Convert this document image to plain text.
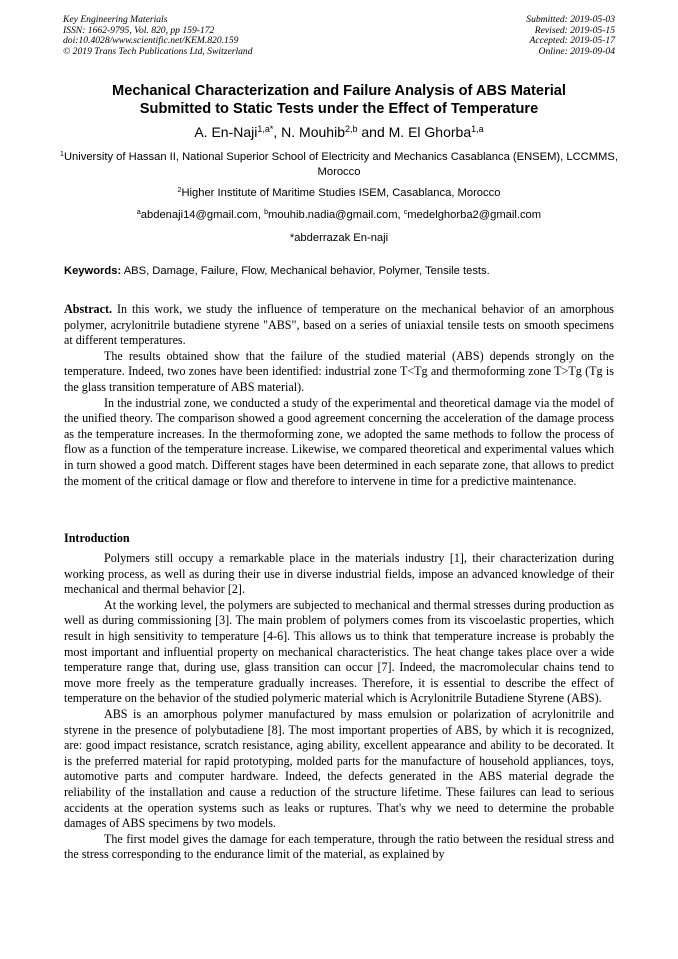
Key Engineering Materials
ISSN: 1662-9795, Vol. 820, pp 159-172
doi:10.4028/www.scientific.net/KEM.820.159
© 2019 Trans Tech Publications Ltd, Switzerland
Submitted: 2019-05-03
Revised: 2019-05-15
Accepted: 2019-05-17
Online: 2019-09-04
Mechanical Characterization and Failure Analysis of ABS Material
Submitted to Static Tests under the Effect of Temperature
A. En-Naji$^{1,a*}$, N. Mouhib$^{2,b}$ and M. El Ghorba$^{1,a}$
$^1$University of Hassan II, National Superior School of Electricity and Mechanics Casablanca (ENSEM), LCCMMS, Morocco
$^2$Higher Institute of Maritime Studies ISEM, Casablanca, Morocco
$^a$abdenaji14@gmail.com, $^b$mouhib.nadia@gmail.com, $^c$medelghorba2@gmail.com
*abderrazak En-naji
Keywords: ABS, Damage, Failure, Flow, Mechanical behavior, Polymer, Tensile tests.

Abstract. In this work, we study the influence of temperature on the mechanical behavior of an amorphous polymer, acrylonitrile butadiene styrene "ABS", based on a series of uniaxial tensile tests on smooth specimens at different temperatures.

The results obtained show that the failure of the studied material (ABS) depends strongly on the temperature. Indeed, two zones have been identified: industrial zone T<Tg and thermoforming zone T>Tg (Tg is the glass transition temperature of ABS material).

In the industrial zone, we conducted a study of the experimental and theoretical damage via the model of the unified theory. The comparison showed a good agreement concerning the acceleration of the damage process as the temperature increases. In the thermoforming zone, we adopted the same methods to follow the process of flow as a function of the temperature increase. Likewise, we compared theoretical and experimental values which in turn showed a good match. Different stages have been determined in each separate zone, that allows to predict the moment of the critical damage or flow and therefore to intervene in time for a predictive maintenance.

Introduction

Polymers still occupy a remarkable place in the materials industry [1], their characterization during working process, as well as during their use in diverse industrial fields, impose an advanced knowledge of their mechanical and thermal behavior [2].

At the working level, the polymers are subjected to mechanical and thermal stresses during production as well as during commissioning [3]. The main problem of polymers comes from its viscoelastic properties, which result in high sensitivity to temperature [4-6]. This allows us to think that temperature increase is probably the most important and influential property on mechanical characteristics. The heat change takes place over a wide temperature range that, during use, glass transition can occur [7]. Indeed, the macromolecular chains tend to move more freely as the temperature gradually increases. Therefore, it is essential to describe the effect of temperature on the behavior of the studied polymeric material which is Acrylonitrile Butadiene Styrene (ABS).

ABS is an amorphous polymer manufactured by mass emulsion or polarization of acrylonitrile and styrene in the presence of polybutadiene [8]. The most important properties of ABS, by which it is recognized, are: good impact resistance, scratch resistance, aging ability, excellent appearance and ability to be decorated. It is the preferred material for rapid prototyping, molded parts for the manufacture of household appliances, toys, automotive parts and computer hardware. Indeed, the defects generated in the ABS material degrade the reliability of the installation and cause a reduction of the structure lifetime. These failures can lead to serious accidents at the operation systems such as leaks or ruptures. That's why we need to determine the probable damages of ABS specimens by two models.

The first model gives the damage for each temperature, through the ratio between the residual stress and the stress corresponding to the endurance limit of the material, as explained by
